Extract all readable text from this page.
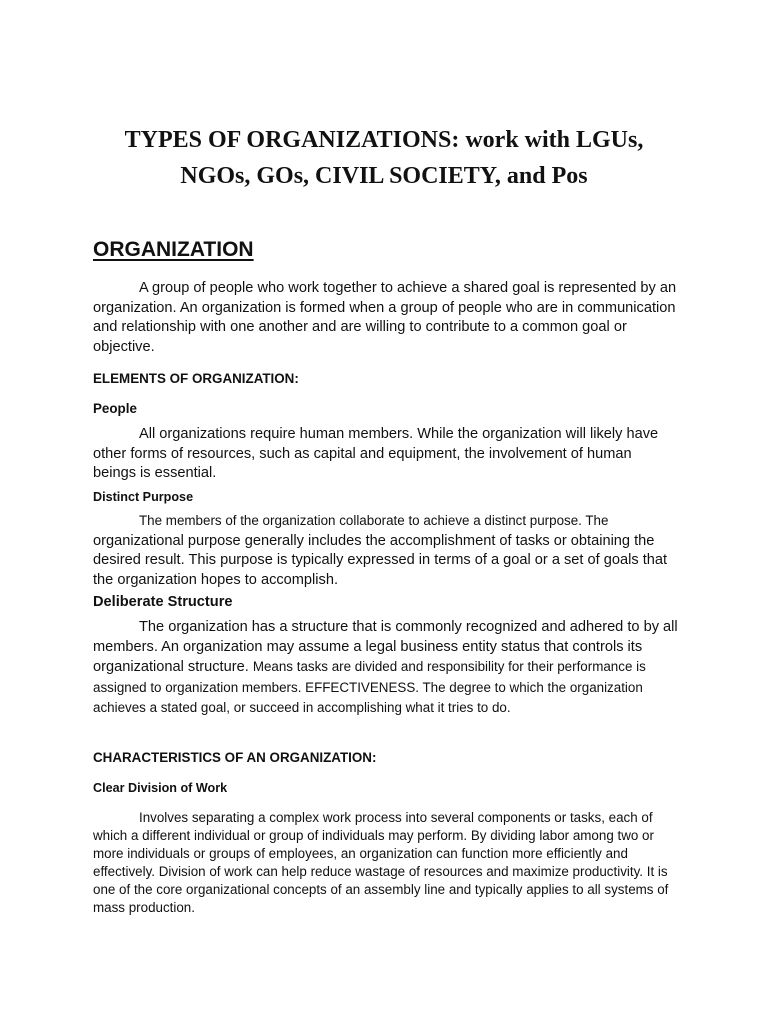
TYPES OF ORGANIZATIONS: work with LGUs,
NGOs, GOs, CIVIL SOCIETY, and Pos
ORGANIZATION

A group of people who work together to achieve a shared goal is represented by an organization. An organization is formed when a group of people who are in communication and relationship with one another and are willing to contribute to a common goal or objective.

ELEMENTS OF ORGANIZATION:
People

All organizations require human members. While the organization will likely have other forms of resources, such as capital and equipment, the involvement of human beings is essential.

Distinct Purpose

The members of the organization collaborate to achieve a distinct purpose. The organizational purpose generally includes the accomplishment of tasks or obtaining the desired result. This purpose is typically expressed in terms of a goal or a set of goals that the organization hopes to accomplish.

Deliberate Structure

The organization has a structure that is commonly recognized and adhered to by all members. An organization may assume a legal business entity status that controls its organizational structure. Means tasks are divided and responsibility for their performance is assigned to organization members. EFFECTIVENESS. The degree to which the organization achieves a stated goal, or succeed in accomplishing what it tries to do.

CHARACTERISTICS OF AN ORGANIZATION:
Clear Division of Work

Involves separating a complex work process into several components or tasks, each of which a different individual or group of individuals may perform. By dividing labor among two or more individuals or groups of employees, an organization can function more efficiently and effectively. Division of work can help reduce wastage of resources and maximize productivity. It is one of the core organizational concepts of an assembly line and typically applies to all systems of mass production.
